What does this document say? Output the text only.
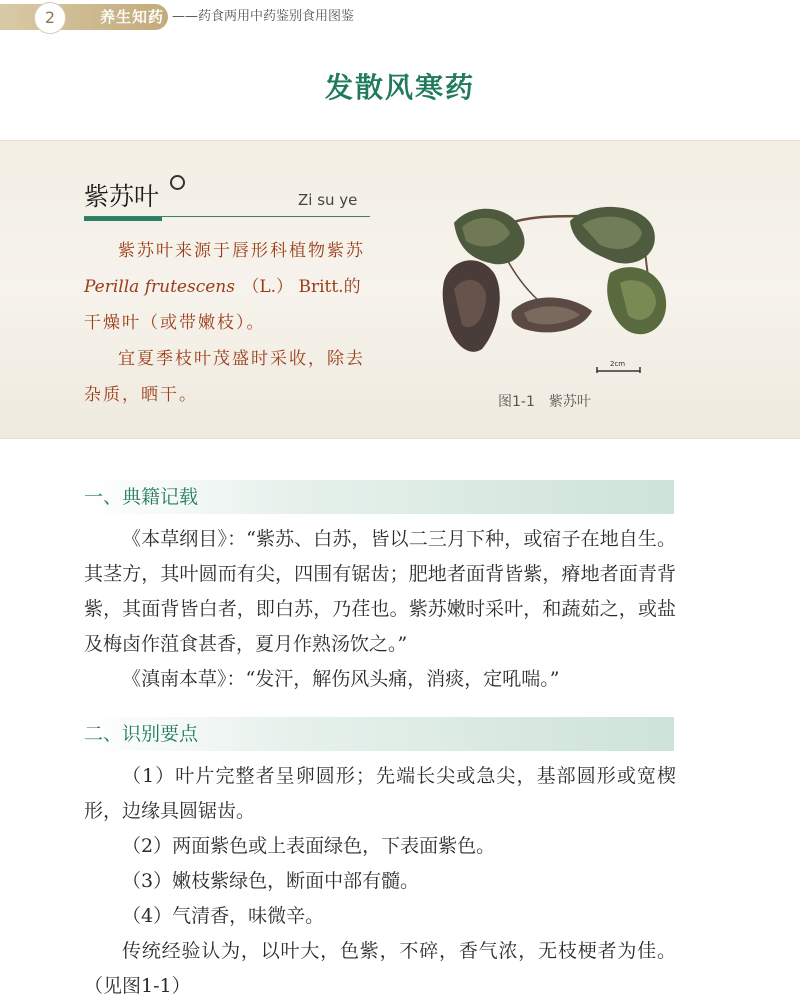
2	养生知药 ——药食两用中药鉴别食用图鉴
发散风寒药
紫苏叶	Zi su ye

紫苏叶来源于唇形科植物紫苏 Perilla frutescens （L.） Britt.的干燥叶（或带嫩枝）。

宜夏季枝叶茂盛时采收，除去杂质，晒干。

2cm
图1-1　紫苏叶
一、典籍记载

《本草纲目》：“紫苏、白苏，皆以二三月下种，或宿子在地自生。其茎方，其叶圆而有尖，四围有锯齿；肥地者面背皆紫，瘠地者面青背紫，其面背皆白者，即白苏，乃荏也。紫苏嫩时采叶，和蔬茹之，或盐及梅卤作菹食甚香，夏月作熟汤饮之。”

《滇南本草》：“发汗，解伤风头痛，消痰，定吼喘。”

二、识别要点

（1）叶片完整者呈卵圆形；先端长尖或急尖，基部圆形或宽楔形，边缘具圆锯齿。

（2）两面紫色或上表面绿色，下表面紫色。

（3）嫩枝紫绿色，断面中部有髓。

（4）气清香，味微辛。

传统经验认为，以叶大，色紫，不碎，香气浓，无枝梗者为佳。（见图1-1）
